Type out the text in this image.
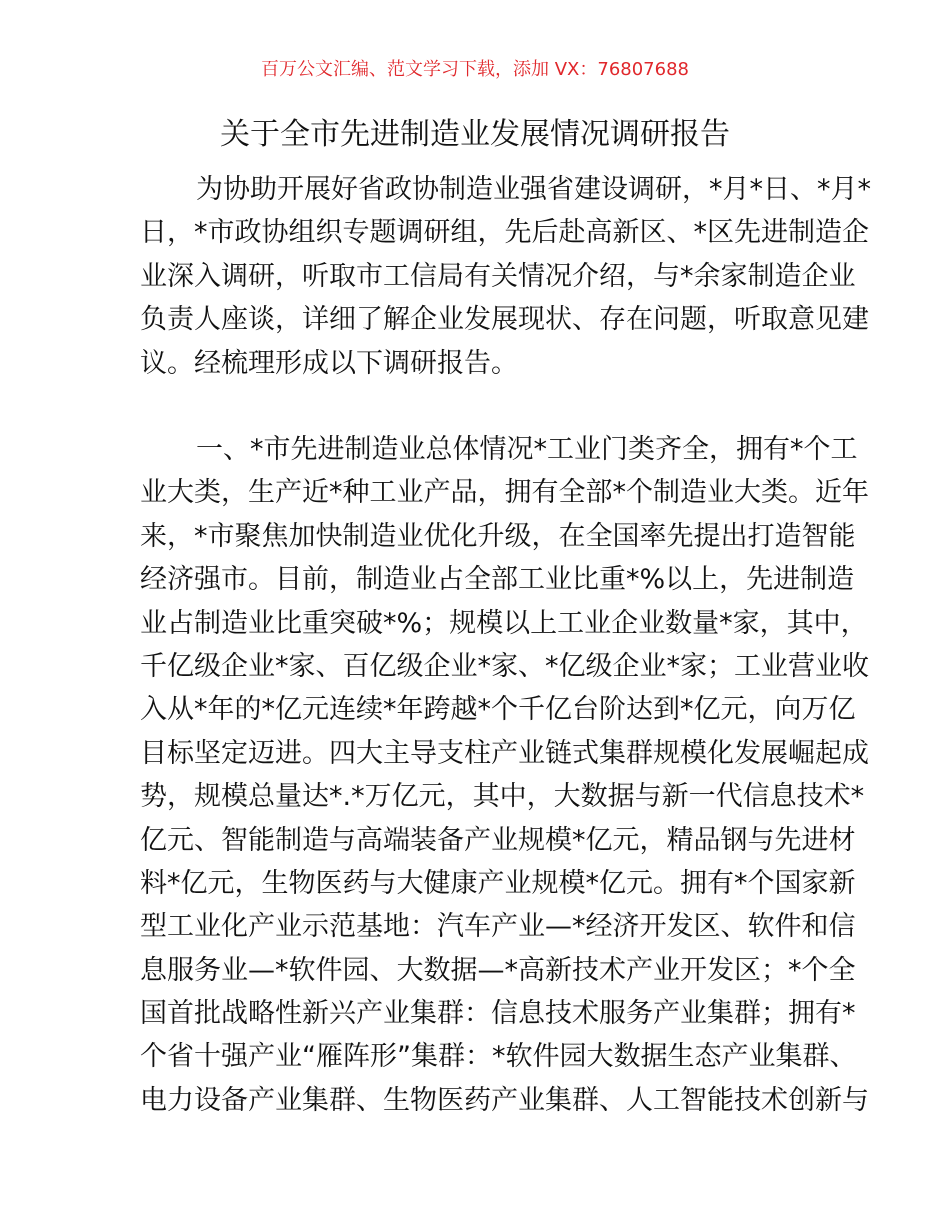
百万公文汇编、范文学习下载，添加 VX：76807688
关于全市先进制造业发展情况调研报告
为协助开展好省政协制造业强省建设调研，*月*日、*月*
日，*市政协组织专题调研组，先后赴高新区、*区先进制造企
业深入调研，听取市工信局有关情况介绍，与*余家制造企业
负责人座谈，详细了解企业发展现状、存在问题，听取意见建
议。经梳理形成以下调研报告。
一、*市先进制造业总体情况*工业门类齐全，拥有*个工
业大类，生产近*种工业产品，拥有全部*个制造业大类。近年
来，*市聚焦加快制造业优化升级，在全国率先提出打造智能
经济强市。目前，制造业占全部工业比重*%以上，先进制造
业占制造业比重突破*%；规模以上工业企业数量*家，其中，
千亿级企业*家、百亿级企业*家、*亿级企业*家；工业营业收
入从*年的*亿元连续*年跨越*个千亿台阶达到*亿元，向万亿
目标坚定迈进。四大主导支柱产业链式集群规模化发展崛起成
势，规模总量达*.*万亿元，其中，大数据与新一代信息技术*
亿元、智能制造与高端装备产业规模*亿元，精品钢与先进材
料*亿元，生物医药与大健康产业规模*亿元。拥有*个国家新
型工业化产业示范基地：汽车产业—*经济开发区、软件和信
息服务业—*软件园、大数据—*高新技术产业开发区；*个全
国首批战略性新兴产业集群：信息技术服务产业集群；拥有*
个省十强产业“雁阵形”集群：*软件园大数据生态产业集群、
电力设备产业集群、生物医药产业集群、人工智能技术创新与
